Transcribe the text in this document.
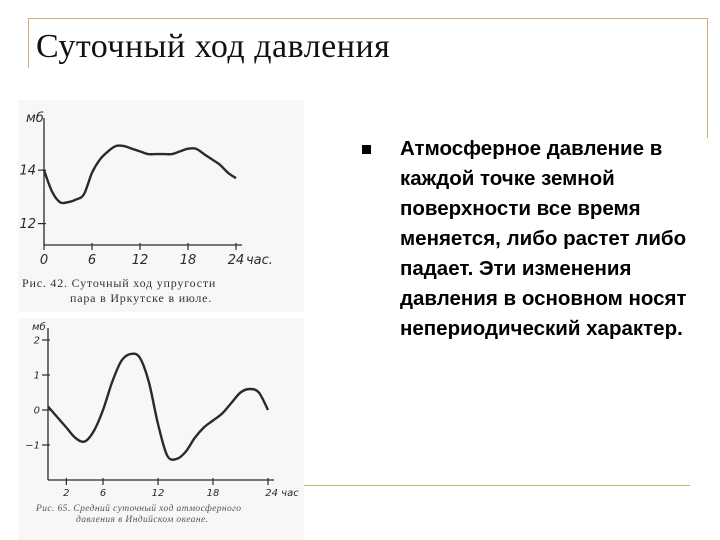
Суточный ход давления
Атмосферное давление в каждой точке земной поверхности все время меняется, либо растет либо падает. Эти изменения давления в основном носят непериодический характер.
мб
12
14
0	6	12 18 24 час.
Рис. 42. Суточный ход упругости
пара в Иркутске в июле.
мб
2
1
0
−1
2	6	12	18	24 час
Рис. 65. Средний суточный ход атмосферного
давления в Индийском океане.
